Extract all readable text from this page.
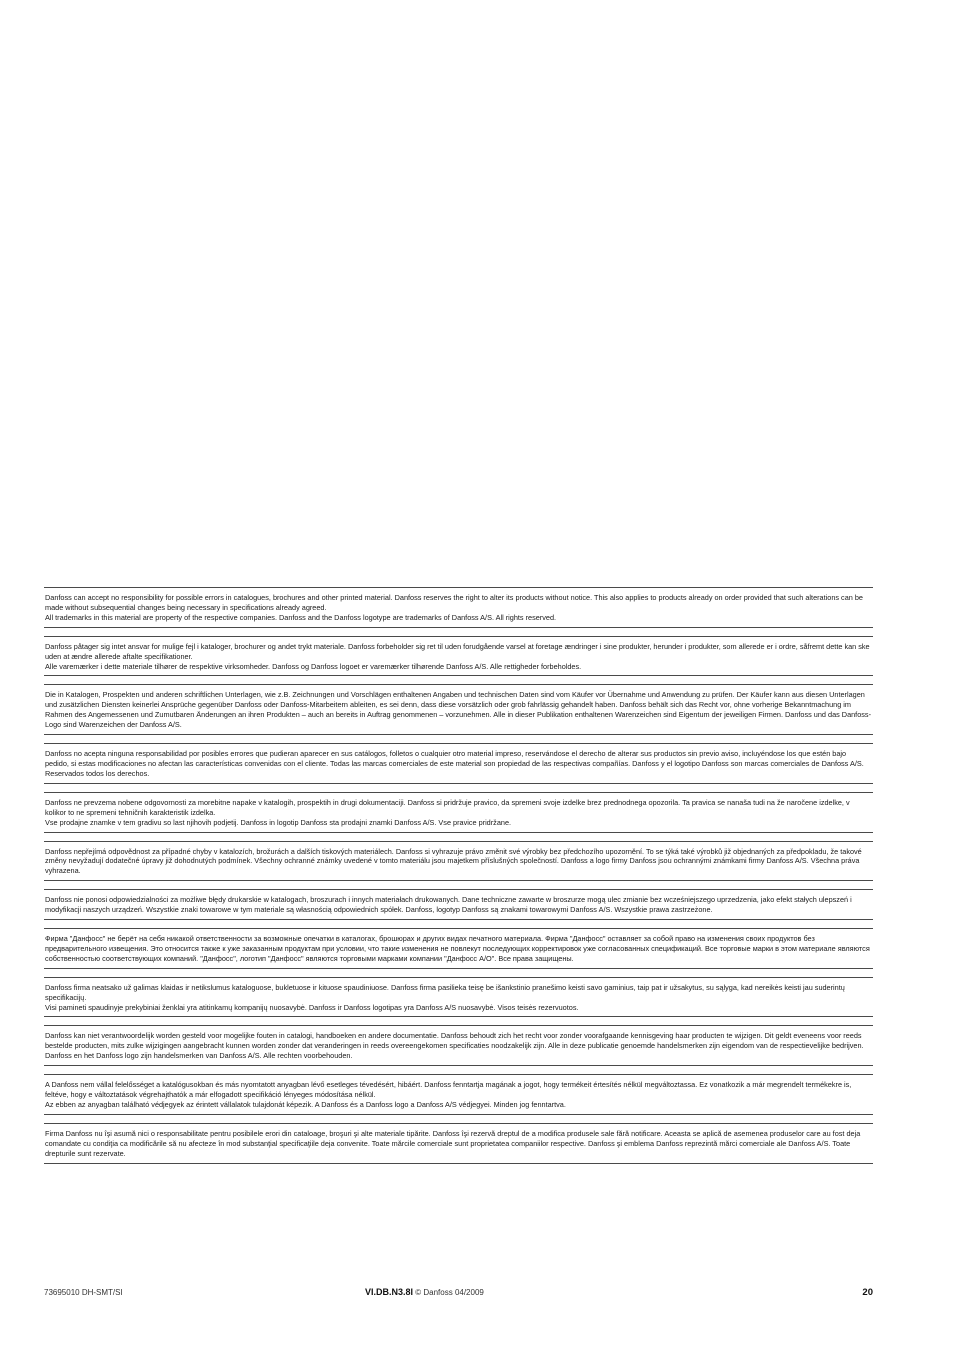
Danfoss can accept no responsibility for possible errors in catalogues, brochures and other printed material. Danfoss reserves the right to alter its products without notice. This also applies to products already on order provided that such alterations can be made without subsequential changes being necessary in specifications already agreed.
All trademarks in this material are property of the respective companies. Danfoss and the Danfoss logotype are trademarks of Danfoss A/S. All rights reserved.

Danfoss påtager sig intet ansvar for mulige fejl i kataloger, brochurer og andet trykt materiale. Danfoss forbeholder sig ret til uden forudgående varsel at foretage ændringer i sine produkter, herunder i produkter, som allerede er i ordre, såfremt dette kan ske uden at ændre allerede aftalte specifikationer.
Alle varemærker i dette materiale tilhører de respektive virksomheder. Danfoss og Danfoss logoet er varemærker tilhørende Danfoss A/S. Alle rettigheder forbeholdes.

Die in Katalogen, Prospekten und anderen schriftlichen Unterlagen, wie z.B. Zeichnungen und Vorschlägen enthaltenen Angaben und technischen Daten sind vom Käufer vor Übernahme und Anwendung zu prüfen. Der Käufer kann aus diesen Unterlagen und zusätzlichen Diensten keinerlei Ansprüche gegenüber Danfoss oder Danfoss-Mitarbeitern ableiten, es sei denn, dass diese vorsätzlich oder grob fahrlässig gehandelt haben. Danfoss behält sich das Recht vor, ohne vorherige Bekanntmachung im Rahmen des Angemessenen und Zumutbaren Änderungen an ihren Produkten – auch an bereits in Auftrag genommenen – vorzunehmen. Alle in dieser Publikation enthaltenen Warenzeichen sind Eigentum der jeweiligen Firmen. Danfoss und das Danfoss-Logo sind Warenzeichen der Danfoss A/S.

Danfoss no acepta ninguna responsabilidad por posibles errores que pudieran aparecer en sus catálogos, folletos o cualquier otro material impreso, reservándose el derecho de alterar sus productos sin previo aviso, incluyéndose los que estén bajo pedido, si estas modificaciones no afectan las características convenidas con el cliente. Todas las marcas comerciales de este material son propiedad de las respectivas compañías. Danfoss y el logotipo Danfoss son marcas comerciales de Danfoss A/S. Reservados todos los derechos.

Danfoss ne prevzema nobene odgovornosti za morebitne napake v katalogih, prospektih in drugi dokumentaciji. Danfoss si pridržuje pravico, da spremeni svoje izdelke brez prednodnega opozorila. Ta pravica se nanaša tudi na že naročene izdelke, v kolikor to ne spremeni tehničnih karakteristik izdelka.
Vse prodajne znamke v tem gradivu so last njihovih podjetij. Danfoss in logotip Danfoss sta prodajni znamki Danfoss A/S. Vse pravice pridržane.

Danfoss nepřejímá odpovědnost za případné chyby v katalozích, brožurách a dalších tiskových materiálech. Danfoss si vyhrazuje právo změnit své výrobky bez předchozího upozornění. To se týká také výrobků již objednaných za předpokladu, že takové změny nevyžadují dodatečné úpravy již dohodnutých podmínek. Všechny ochranné známky uvedené v tomto materiálu jsou majetkem příslušných společností. Danfoss a logo firmy Danfoss jsou ochrannými známkami firmy Danfoss A/S. Všechna práva vyhrazena.

Danfoss nie ponosi odpowiedzialności za możliwe błędy drukarskie w katalogach, broszurach i innych materiałach drukowanych. Dane techniczne zawarte w broszurze mogą ulec zmianie bez wcześniejszego uprzedzenia, jako efekt stałych ulepszeń i modyfikacji naszych urządzeń. Wszystkie znaki towarowe w tym materiale są własnością odpowiednich spółek. Danfoss, logotyp Danfoss są znakami towarowymi Danfoss A/S. Wszystkie prawa zastrzeżone.

Фирма "Данфосс" не берёт на себя никакой ответственности за возможные опечатки в каталогах, брошюрах и других видах печатного материала. Фирма "Данфосс" оставляет за собой право на изменения своих продуктов без предварительного извещения. Это относится также к уже заказанным продуктам при условии, что такие изменения не повлекут последующих корректировок уже согласованных спецификаций. Все торговые марки в этом материале являются собственностью соответствующих компаний. "Данфосс", логотип "Данфосс" являются торговыми марками компании "Данфосс А/О". Все права защищены.

Danfoss firma neatsako už galimas klaidas ir netikslumus kataloguose, bukletuose ir kituose spaudiniuose. Danfoss firma pasilieka teisę be išankstinio pranešimo keisti savo gaminius, taip pat ir užsakytus, su sąlyga, kad nereikės keisti jau suderintų specifikacijų.
Visi pamineti spaudinyje prekybiniai ženklai yra atitinkamų kompanijų nuosavybė. Danfoss ir Danfoss logotipas yra Danfoss A/S nuosavybė. Visos teisės rezervuotos.

Danfoss kan niet verantwoordelijk worden gesteld voor mogelijke fouten in catalogi, handboeken en andere documentatie. Danfoss behoudt zich het recht voor zonder voorafgaande kennisgeving haar producten te wijzigen. Dit geldt eveneens voor reeds bestelde producten, mits zulke wijzigingen aangebracht kunnen worden zonder dat veranderingen in reeds overeengekomen specificaties noodzakelijk zijn. Alle in deze publicatie genoemde handelsmerken zijn eigendom van de respectievelijke bedrijven.
Danfoss en het Danfoss logo zijn handelsmerken van Danfoss A/S. Alle rechten voorbehouden.

A Danfoss nem vállal felelősséget a katalógusokban és más nyomtatott anyagban lévő esetleges tévedésért, hibáért. Danfoss fenntartja magának a jogot, hogy termékeit értesítés nélkül megváltoztassa. Ez vonatkozik a már megrendelt termékekre is, feltéve, hogy e változtatások végrehajthatók a már elfogadott specifikáció lényeges módosítása nélkül.
Az ebben az anyagban található védjegyek az érintett vállalatok tulajdonát képezik. A Danfoss és a Danfoss logo a Danfoss A/S védjegyei. Minden jog fenntartva.

Firma Danfoss nu îşi asumă nici o responsabilitate pentru posibilele erori din cataloage, broşuri şi alte materiale tipărite. Danfoss îşi rezervă dreptul de a modifica produsele sale fără notificare. Aceasta se aplică de asemenea produselor care au fost deja comandate cu condiţia ca modificările să nu afecteze în mod substanţial specificaţiile deja convenite. Toate mărcile comerciale sunt proprietatea companiilor respective. Danfoss şi emblema Danfoss reprezintă mărci comerciale ale Danfoss A/S. Toate drepturile sunt rezervate.

73695010 DH-SMT/SI	VI.DB.N3.8I © Danfoss 04/2009	20
